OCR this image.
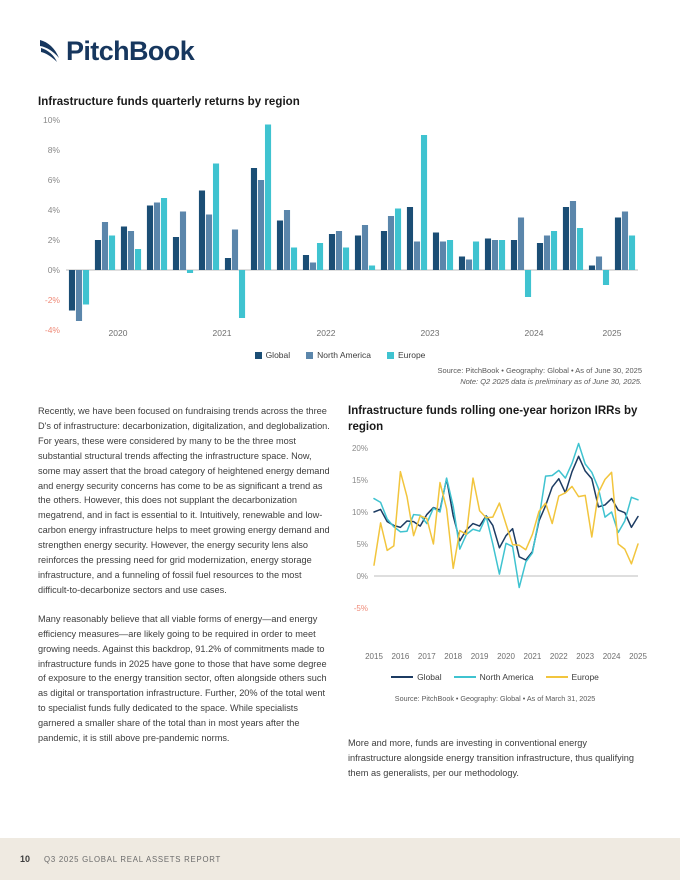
PitchBook
Infrastructure funds quarterly returns by region
-4%
-2%
0%
2%
4%
6%
8%
10%
2020	2021	2022	2023	2024	2025
Global	North America	Europe
Source: PitchBook • Geography: Global • As of June 30, 2025
Note: Q2 2025 data is preliminary as of June 30, 2025.

Recently, we have been focused on fundraising trends across the three D's of infrastructure: decarbonization, digitalization, and deglobalization. For years, these were considered by many to be the three most substantial structural trends affecting the infrastructure space. Now, some may assert that the broad category of heightened energy demand and energy security concerns has come to be as significant a trend as the others. However, this does not supplant the decarbonization megatrend, and in fact is essential to it. Intuitively, renewable and low-carbon energy infrastructure helps to meet growing energy demand and strengthen energy security. However, the energy security lens also reinforces the pressing need for grid modernization, energy storage infrastructure, and a funneling of fossil fuel resources to the most difficult-to-decarbonize sectors and use cases.

Many reasonably believe that all viable forms of energy—and energy efficiency measures—are likely going to be required in order to meet growing needs. Against this backdrop, 91.2% of commitments made to infrastructure funds in 2025 have gone to those that have some degree of exposure to the energy transition sector, often alongside others such as digital or transportation infrastructure. Further, 20% of the total went to specialist funds fully dedicated to the space. While specialists garnered a smaller share of the total than in most years after the pandemic, it is still above pre-pandemic norms.

Infrastructure funds rolling one-year horizon IRRs by region
-5%
0%
5%
10%
15%
20%
2015 2016 2017 2018 2019 2020 2021 2022 2023 2024 2025
Global	North America	Europe
Source: PitchBook • Geography: Global • As of March 31, 2025

More and more, funds are investing in conventional energy infrastructure alongside energy transition infrastructure, thus qualifying them as generalists, per our methodology.

10 Q3 2025 GLOBAL REAL ASSETS REPORT
